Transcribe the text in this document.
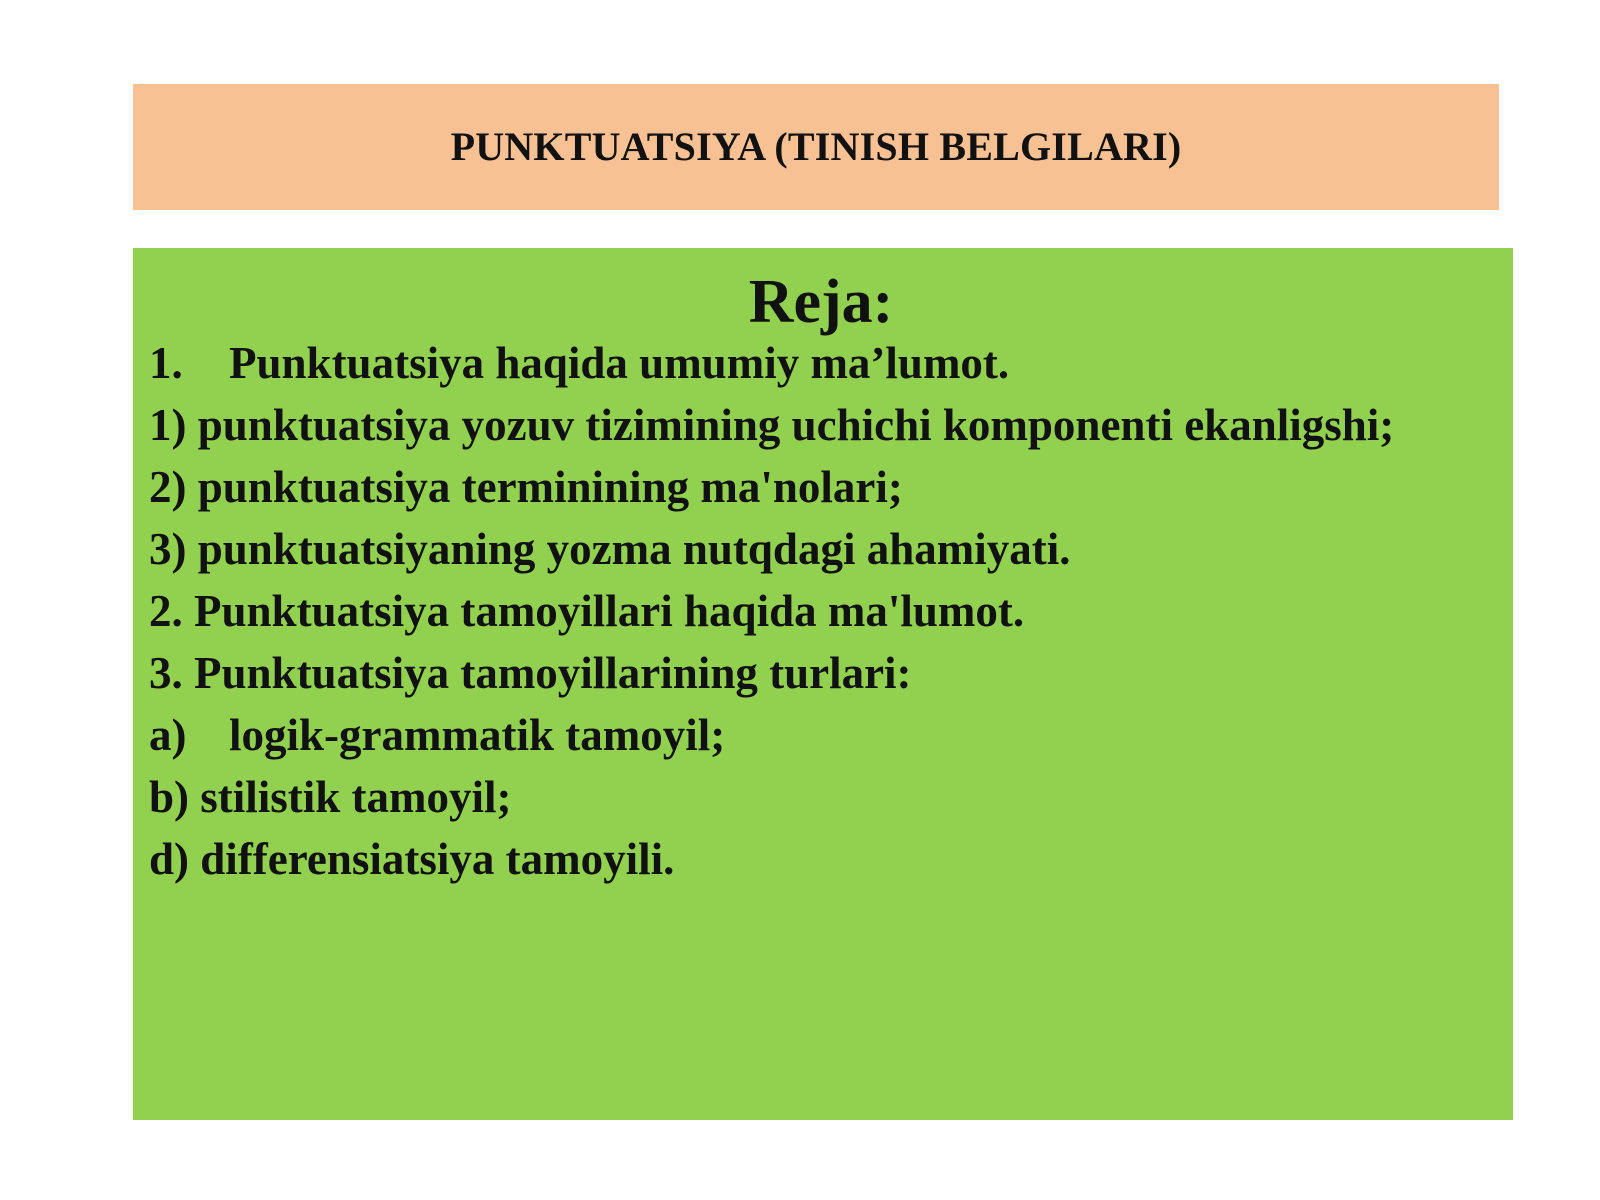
PUNKTUATSIYA (TINISH BELGILARI)

Reja:

1. Punktuatsiya haqida umumiy ma’lumot.

1) punktuatsiya yozuv tizimining uchichi komponenti ekanligshi;

2) punktuatsiya terminining ma'nolari;

3) punktuatsiyaning yozma nutqdagi ahamiyati.

2. Punktuatsiya tamoyillari haqida ma'lumot.

3. Punktuatsiya tamoyillarining turlari:

a) logik-grammatik tamoyil;

b) stilistik tamoyil;

d) differensiatsiya tamoyili.
